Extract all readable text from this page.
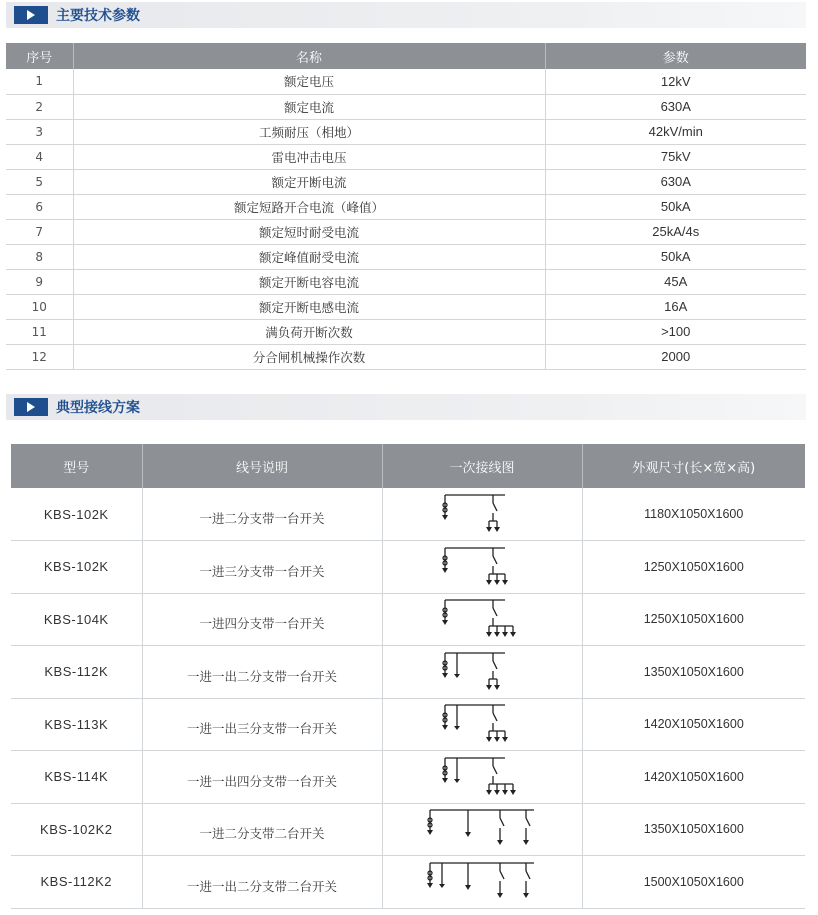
主要技术参数
序号	名称	参数
1	额定电压	12kV
2	额定电流	630A
3	工频耐压（相地）	42kV/min
4	雷电冲击电压	75kV
5	额定开断电流	630A
6	额定短路开合电流（峰值）	50kA
7	额定短时耐受电流	25kA/4s
8	额定峰值耐受电流	50kA
9	额定开断电容电流	45A
10	额定开断电感电流	16A
11	满负荷开断次数	>100
12	分合闸机械操作次数	2000
典型接线方案
型号	线号说明	一次接线图	外观尺寸(长×宽×高)
KBS-102K	一进二分支带一台开关		1180X1050X1600
KBS-102K	一进三分支带一台开关		1250X1050X1600
KBS-104K	一进四分支带一台开关		1250X1050X1600
KBS-112K	一进一出二分支带一台开关		1350X1050X1600
KBS-113K	一进一出三分支带一台开关		1420X1050X1600
KBS-114K	一进一出四分支带一台开关		1420X1050X1600
KBS-102K2	一进二分支带二台开关		1350X1050X1600
KBS-112K2	一进一出二分支带二台开关		1500X1050X1600
